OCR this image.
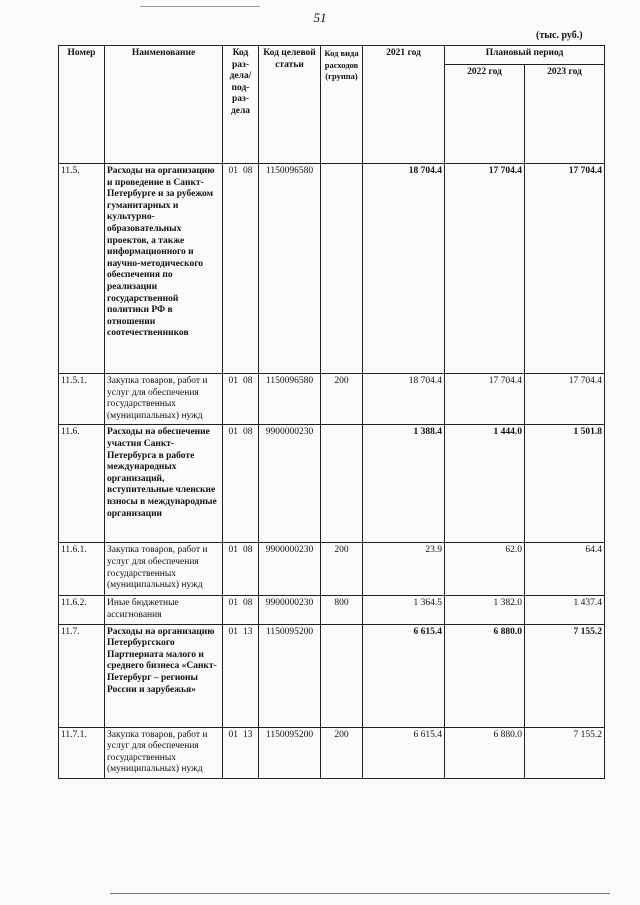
51
(тыс. руб.)
Номер	Наименование	Код раз-дела/ под-раз-дела	Код целевой статьи	Код вида расходов (группа)	2021 год	Плановый период	
						2022 год	2023 год
11.5.	Расходы на организацию и проведение в Санкт-Петербурге и за рубежом гуманитарных и культурно-образовательных проектов, а также информационного и научно-методического обеспечения по реализации государственной политики РФ в отношении соотечественников	01 08	1150096580		18 704.4	17 704.4	17 704.4
11.5.1.	Закупка товаров, работ и услуг для обеспечения государственных (муниципальных) нужд	01 08	1150096580	200	18 704.4	17 704.4	17 704.4
11.6.	Расходы на обеспечение участия Санкт-Петербурга в работе международных организаций, вступительные членские взносы в международные организации	01 08	9900000230		1 388.4	1 444.0	1 501.8
11.6.1.	Закупка товаров, работ и услуг для обеспечения государственных (муниципальных) нужд	01 08	9900000230	200	23.9	62.0	64.4
11.6.2.	Иные бюджетные ассигнования	01 08	9900000230	800	1 364.5	1 382.0	1 437.4
11.7.	Расходы на организацию Петербургского Партнериата малого и среднего бизнеса «Санкт-Петербург – регионы России и зарубежья»	01 13	1150095200		6 615.4	6 880.0	7 155.2
11.7.1.	Закупка товаров, работ и услуг для обеспечения государственных (муниципальных) нужд	01 13	1150095200	200	6 615.4	6 880.0	7 155.2
